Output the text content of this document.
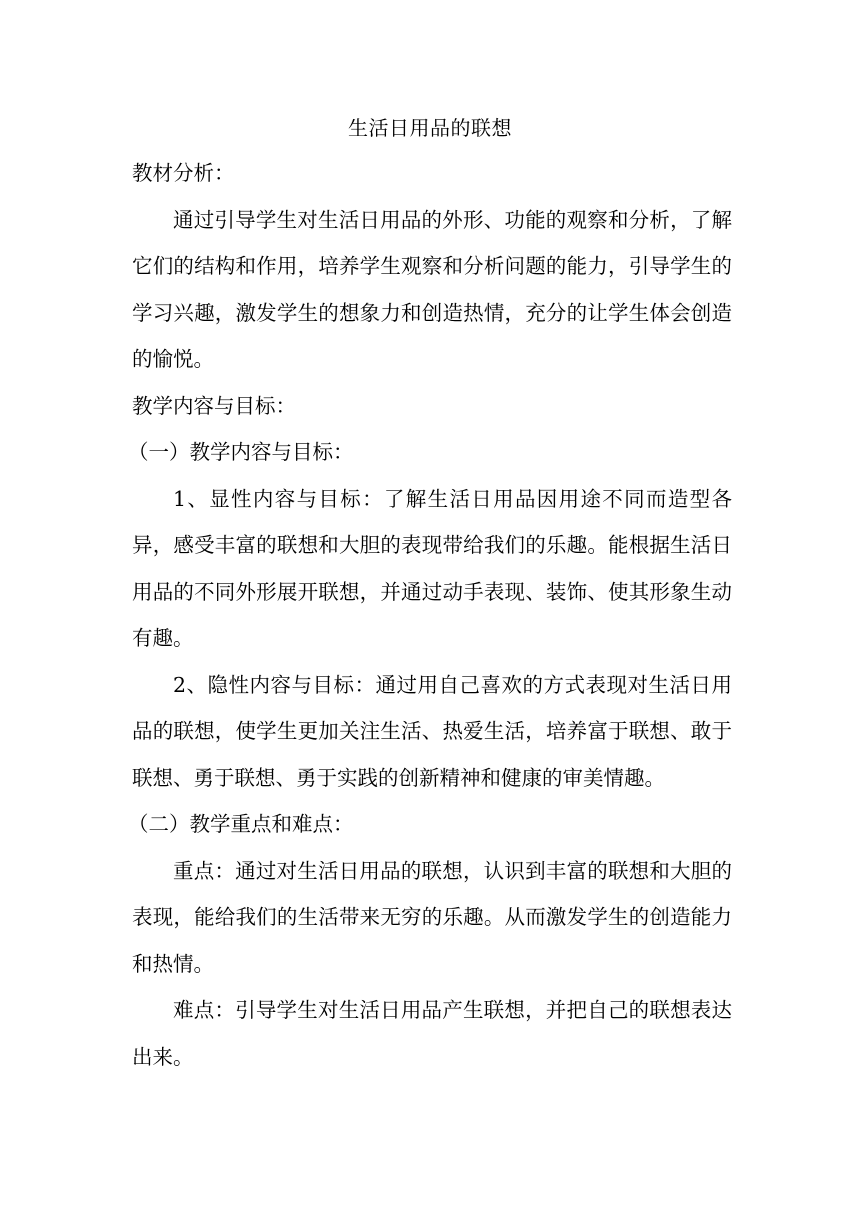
生活日用品的联想

教材分析：

通过引导学生对生活日用品的外形、功能的观察和分析，了解它们的结构和作用，培养学生观察和分析问题的能力，引导学生的学习兴趣，激发学生的想象力和创造热情，充分的让学生体会创造的愉悦。

教学内容与目标：

（一）教学内容与目标：

1、显性内容与目标：了解生活日用品因用途不同而造型各异，感受丰富的联想和大胆的表现带给我们的乐趣。能根据生活日用品的不同外形展开联想，并通过动手表现、装饰、使其形象生动有趣。

2、隐性内容与目标：通过用自己喜欢的方式表现对生活日用品的联想，使学生更加关注生活、热爱生活，培养富于联想、敢于联想、勇于联想、勇于实践的创新精神和健康的审美情趣。

（二）教学重点和难点：

重点：通过对生活日用品的联想，认识到丰富的联想和大胆的表现，能给我们的生活带来无穷的乐趣。从而激发学生的创造能力和热情。

难点：引导学生对生活日用品产生联想，并把自己的联想表达出来。
